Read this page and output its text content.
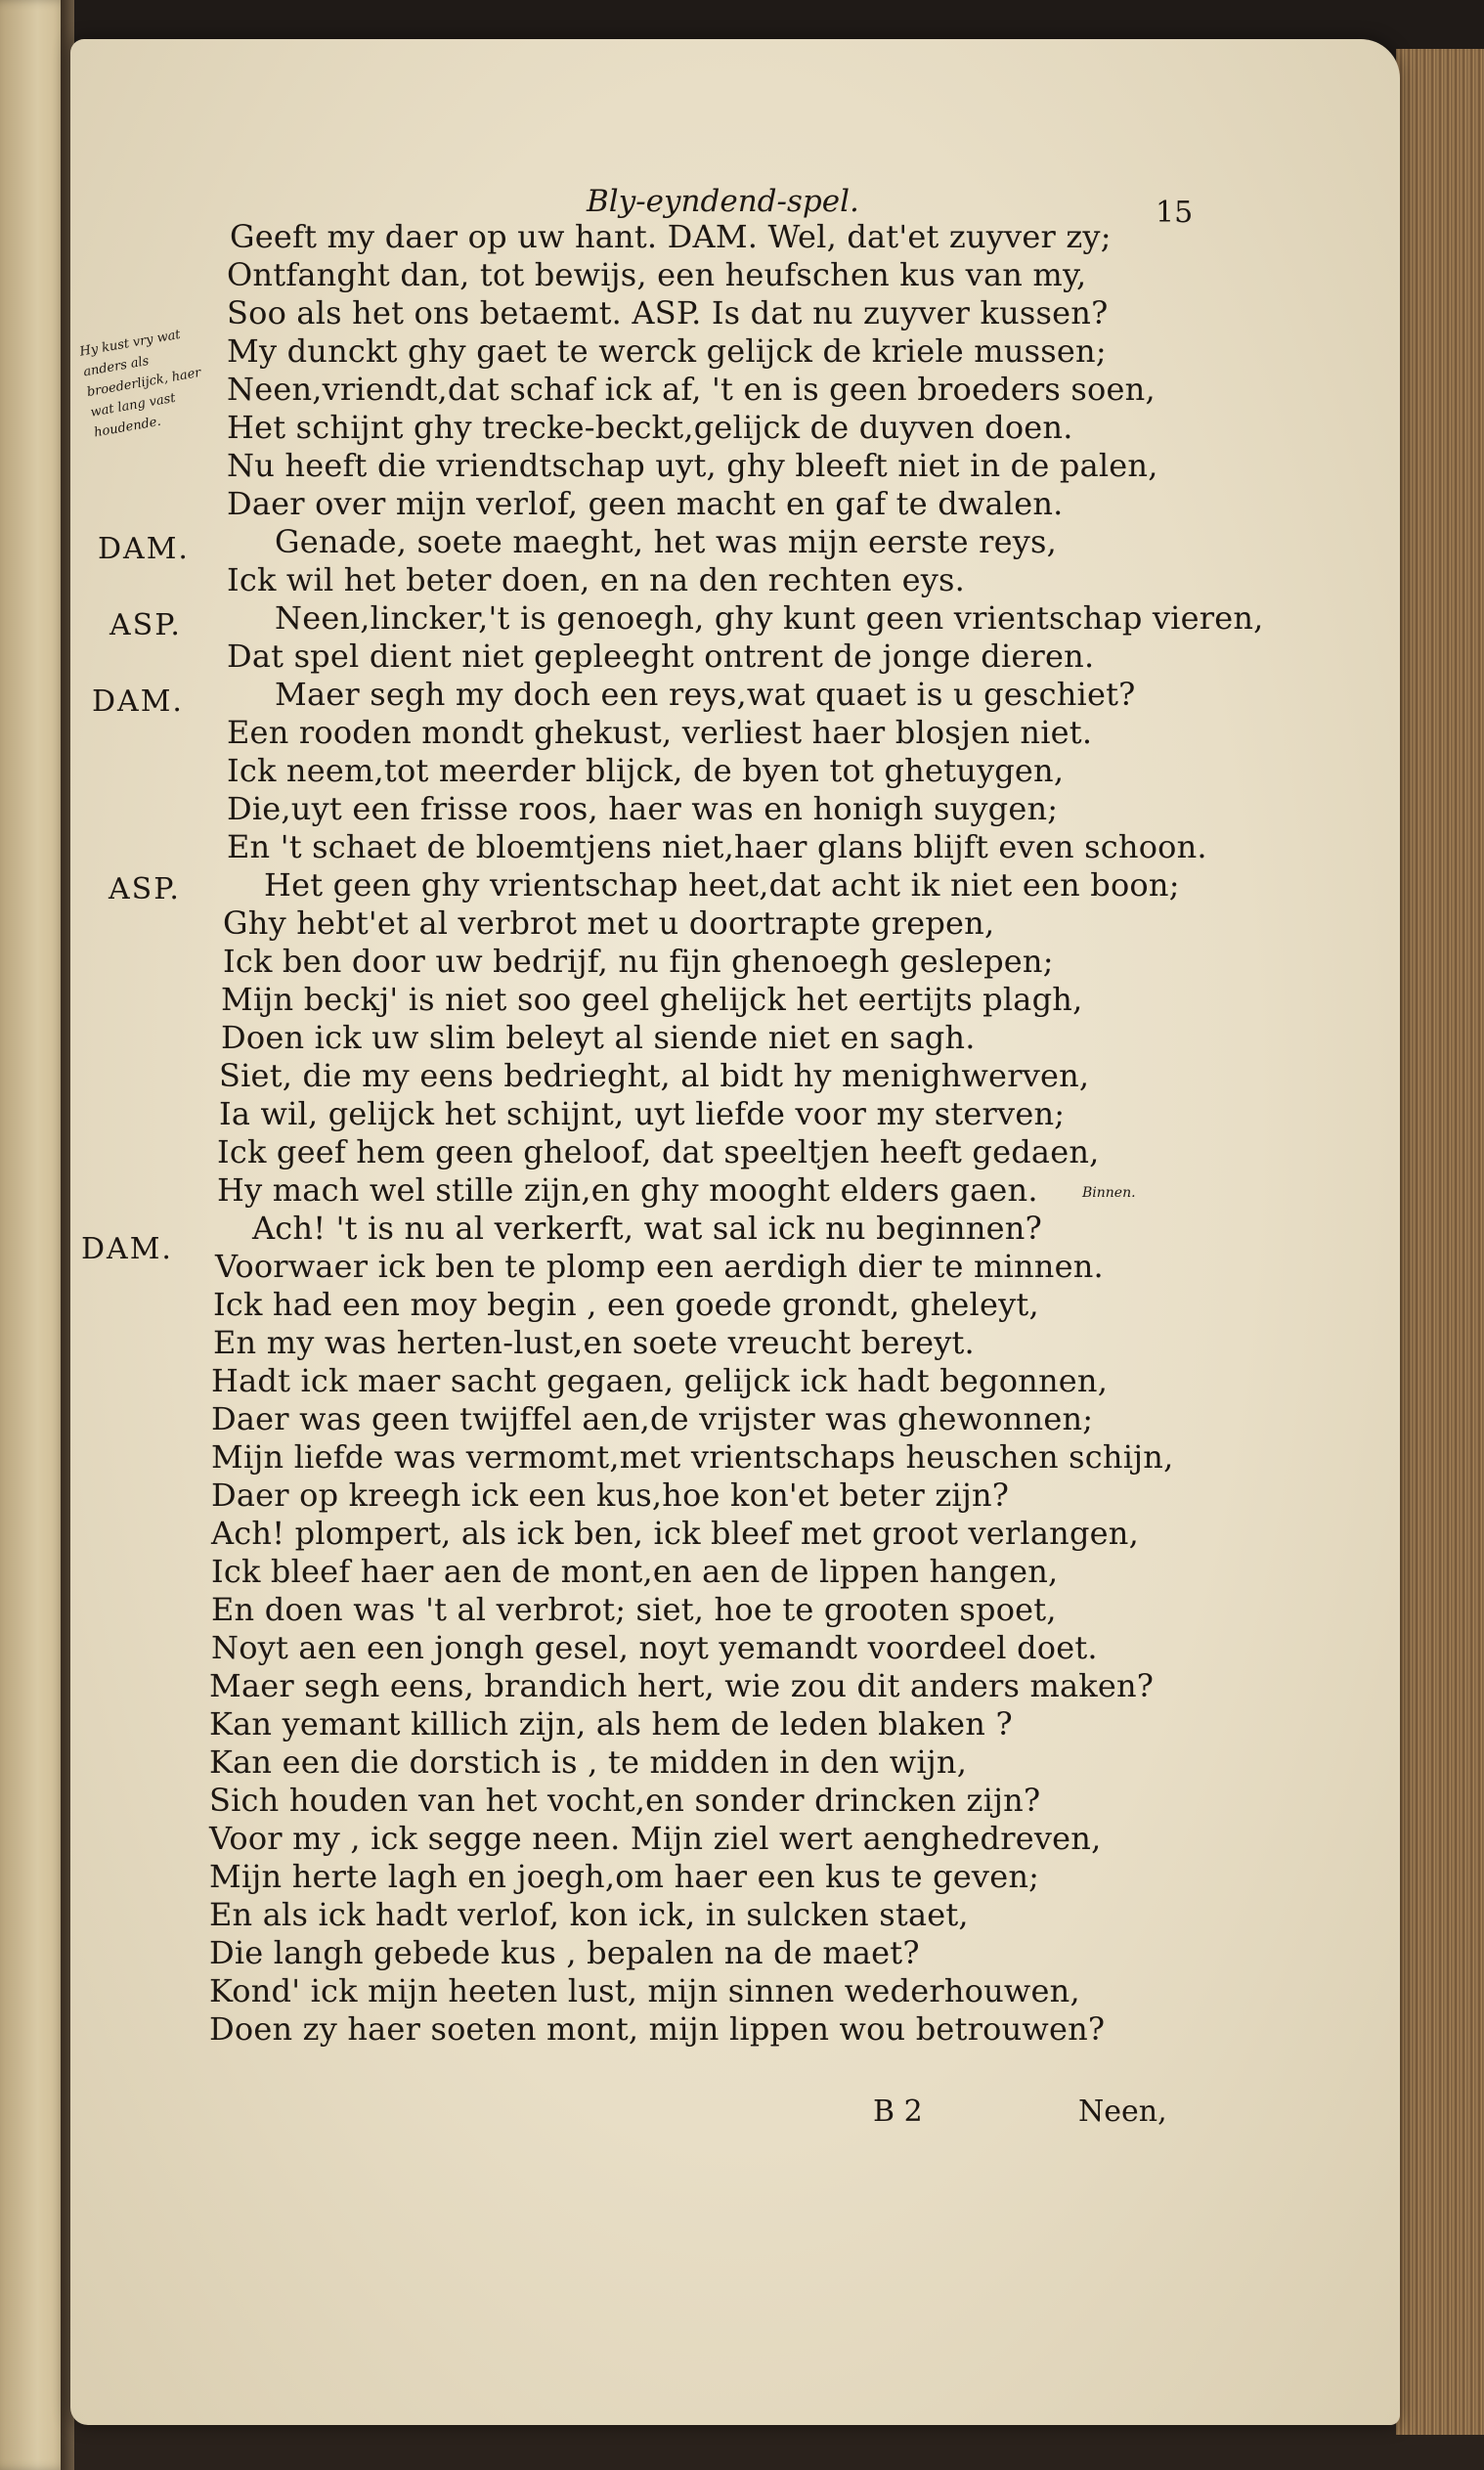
Bly-eyndend-spel.	15
Hy kust vry wat anders als broederlijck, haer wat lang vast houdende.
DAM.
ASP.
DAM.
ASP.
DAM.
Geeft my daer op uw hant. DAM. Wel, dat'et zuyver zy;
Ontfanght dan, tot bewijs, een heufschen kus van my,
Soo als het ons betaemt. ASP. Is dat nu zuyver kussen?
My dunckt ghy gaet te werck gelijck de kriele mussen;
Neen,vriendt,dat schaf ick af, 't en is geen broeders soen,
Het schijnt ghy trecke-beckt,gelijck de duyven doen.
Nu heeft die vriendtschap uyt, ghy bleeft niet in de palen,
Daer over mijn verlof, geen macht en gaf te dwalen.
Genade, soete maeght, het was mijn eerste reys,
Ick wil het beter doen, en na den rechten eys.
Neen,lincker,'t is genoegh, ghy kunt geen vrientschap vieren,
Dat spel dient niet gepleeght ontrent de jonge dieren.
Maer segh my doch een reys,wat quaet is u geschiet?
Een rooden mondt ghekust, verliest haer blosjen niet.
Ick neem,tot meerder blijck, de byen tot ghetuygen,
Die,uyt een frisse roos, haer was en honigh suygen;
En 't schaet de bloemtjens niet,haer glans blijft even schoon.
Het geen ghy vrientschap heet,dat acht ik niet een boon;
Ghy hebt'et al verbrot met u doortrapte grepen,
Ick ben door uw bedrijf, nu fijn ghenoegh geslepen;
Mijn beckj' is niet soo geel ghelijck het eertijts plagh,
Doen ick uw slim beleyt al siende niet en sagh.
Siet, die my eens bedrieght, al bidt hy menighwerven,
Ia wil, gelijck het schijnt, uyt liefde voor my sterven;
Ick geef hem geen gheloof, dat speeltjen heeft gedaen,
Hy mach wel stille zijn,en ghy mooght elders gaen.
Ach! 't is nu al verkerft, wat sal ick nu beginnen?
Voorwaer ick ben te plomp een aerdigh dier te minnen.
Ick had een moy begin , een goede grondt, gheleyt,
En my was herten-lust,en soete vreucht bereyt.
Hadt ick maer sacht gegaen, gelijck ick hadt begonnen,
Daer was geen twijffel aen,de vrijster was ghewonnen;
Mijn liefde was vermomt,met vrientschaps heuschen schijn,
Daer op kreegh ick een kus,hoe kon'et beter zijn?
Ach! plompert, als ick ben, ick bleef met groot verlangen,
Ick bleef haer aen de mont,en aen de lippen hangen,
En doen was 't al verbrot; siet, hoe te grooten spoet,
Noyt aen een jongh gesel, noyt yemandt voordeel doet.
Maer segh eens, brandich hert, wie zou dit anders maken?
Kan yemant killich zijn, als hem de leden blaken ?
Kan een die dorstich is , te midden in den wijn,
Sich houden van het vocht,en sonder drincken zijn?
Voor my , ick segge neen. Mijn ziel wert aenghedreven,
Mijn herte lagh en joegh,om haer een kus te geven;
En als ick hadt verlof, kon ick, in sulcken staet,
Die langh gebede kus , bepalen na de maet?
Kond' ick mijn heeten lust, mijn sinnen wederhouwen,
Doen zy haer soeten mont, mijn lippen wou betrouwen?
Binnen.
B 2	Neen,
